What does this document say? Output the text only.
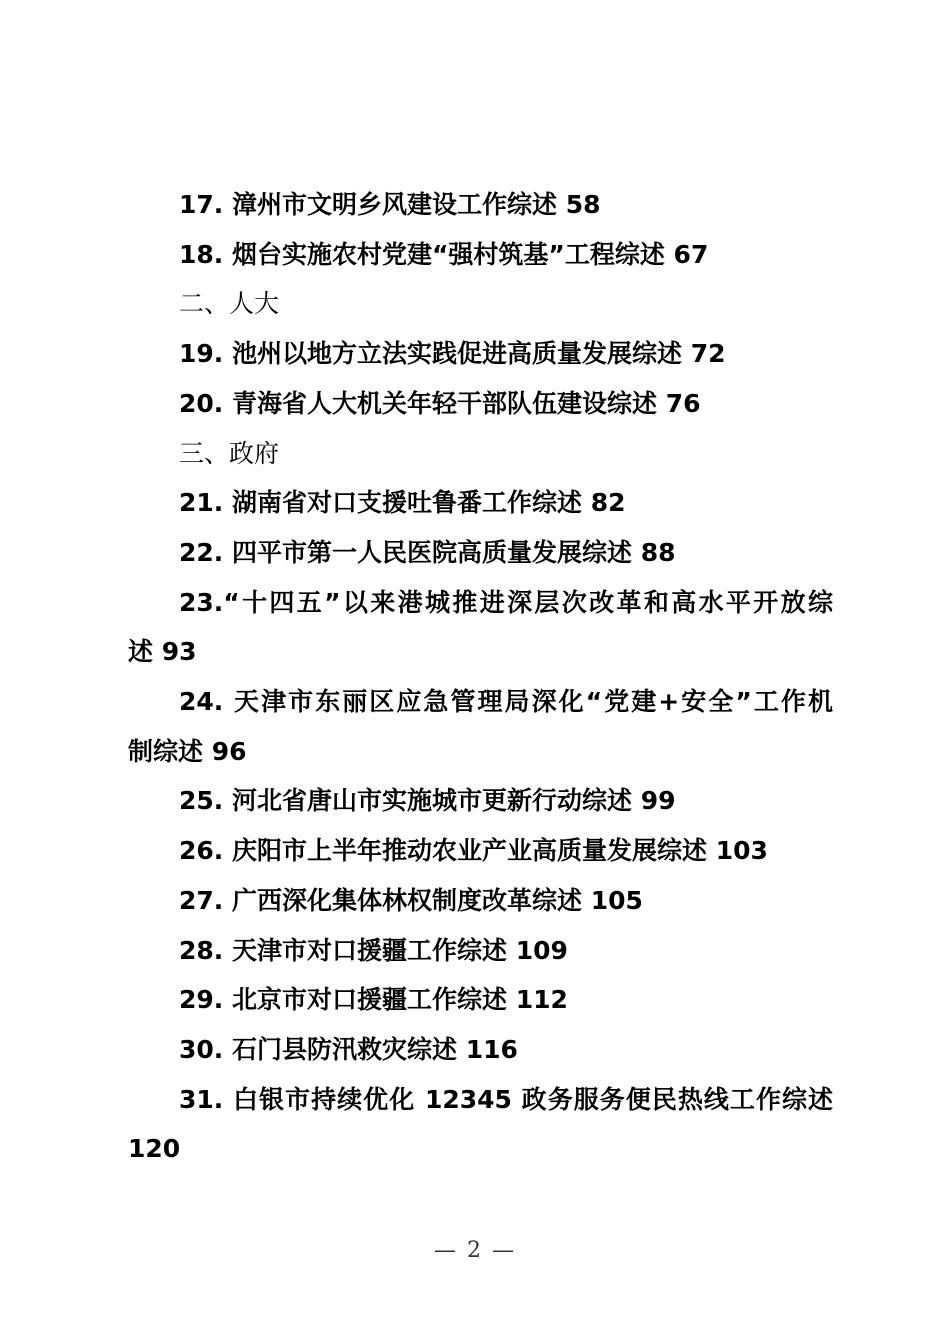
17. 漳州市文明乡风建设工作综述 58
18. 烟台实施农村党建“强村筑基”工程综述 67
二、人大
19. 池州以地方立法实践促进高质量发展综述 72
20. 青海省人大机关年轻干部队伍建设综述 76
三、政府
21. 湖南省对口支援吐鲁番工作综述 82
22. 四平市第一人民医院高质量发展综述 88
23.“十四五”以来港城推进深层次改革和高水平开放综
述 93
24. 天津市东丽区应急管理局深化“党建+安全”工作机
制综述 96
25. 河北省唐山市实施城市更新行动综述 99
26. 庆阳市上半年推动农业产业高质量发展综述 103
27. 广西深化集体林权制度改革综述 105
28. 天津市对口援疆工作综述 109
29. 北京市对口援疆工作综述 112
30. 石门县防汛救灾综述 116
31. 白银市持续优化 12345 政务服务便民热线工作综述
120
— 2 —
